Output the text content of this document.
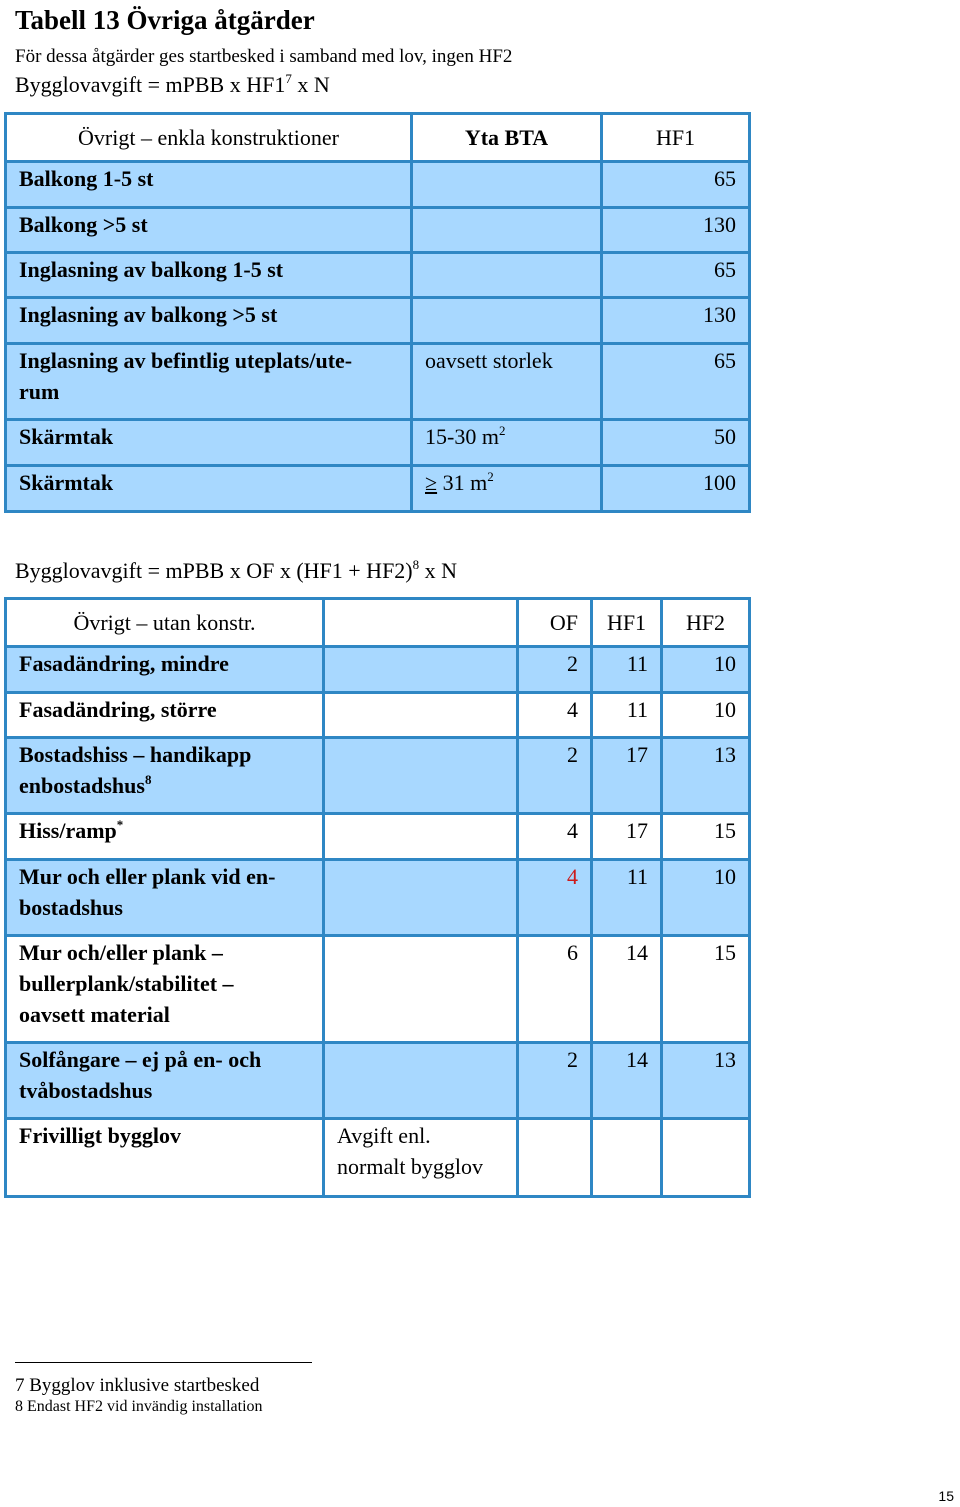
Tabell 13 Övriga åtgärder
För dessa åtgärder ges startbesked i samband med lov, ingen HF2
Bygglovavgift = mPBB x $HF1^7$ x N
Övrigt – enkla konstruktioner	Yta BTA	HF1
Balkong 1-5 st		65
Balkong >5 st		130
Inglasning av balkong 1-5 st		65
Inglasning av balkong >5 st		130
Inglasning av befintlig uteplats/ute-
rum	oavsett storlek	65
Skärmtak	15-30 $m^2$	50
Skärmtak	≥ 31 $m^2$	100
Bygglovavgift = mPBB x OF x $(HF1 + HF2)^8$ x N
Övrigt – utan konstr.		OF	HF1	HF2
Fasadändring, mindre		2	11	10
Fasadändring, större		4	11	10
Bostadshiss – handikapp
enbostadshus$^8$		2	17	13
Hiss/ramp*		4	17	15
Mur och eller plank vid en-
bostadshus		4	11	10
Mur och/eller plank –
bullerplank/stabilitet –
oavsett material		6	14	15
Solfångare – ej på en- och
tvåbostadshus		2	14	13
Frivilligt bygglov	Avgift enl.
normalt bygglov			
7 Bygglov inklusive startbesked
8 Endast HF2 vid invändig installation
15
